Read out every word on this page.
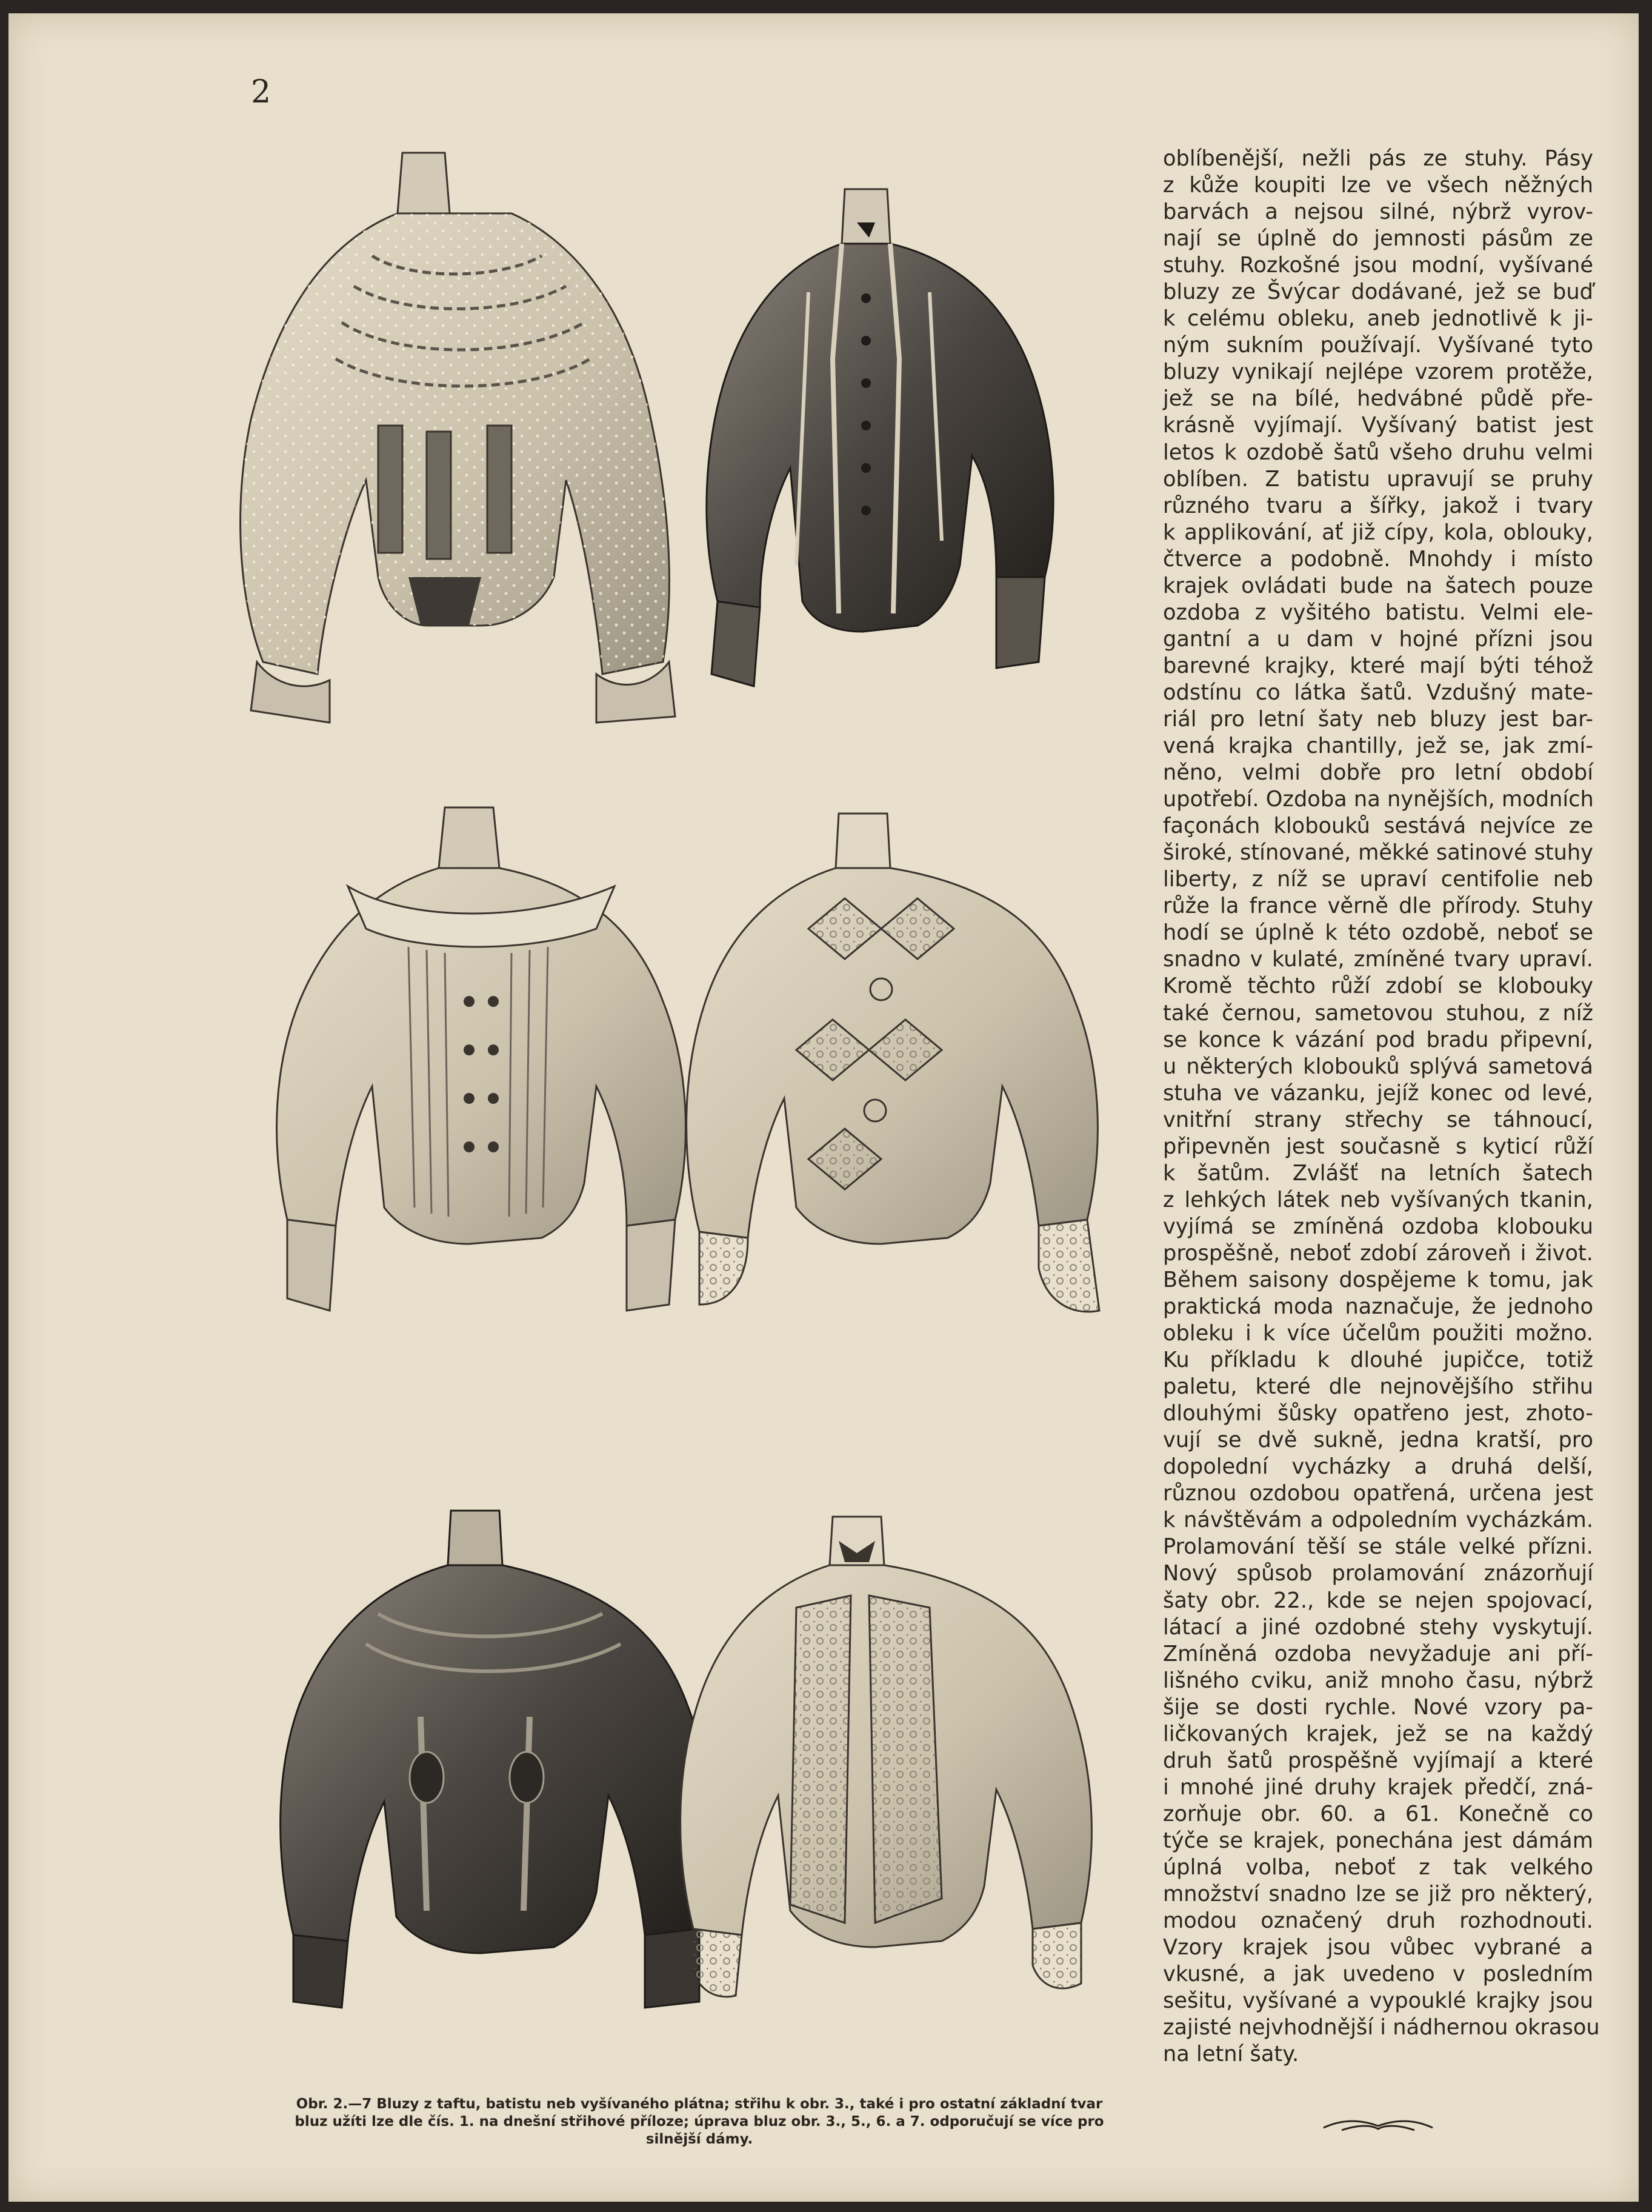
2
Obr. 2.—7 Bluzy z taftu, batistu neb vyšívaného plátna; střihu k obr. 3., také i pro ostatní základní tvar
bluz užíti lze dle čís. 1. na dnešní střihové příloze; úprava bluz obr. 3., 5., 6. a 7. odporučují se více pro
silnější dámy.
oblíbenější, nežli pás ze stuhy. Pásy
z kůže koupiti lze ve všech něžných
barvách a nejsou silné, nýbrž vyrov-
nají se úplně do jemnosti pásům ze
stuhy. Rozkošné jsou modní, vyšívané
bluzy ze Švýcar dodávané, jež se buď
k celému obleku, aneb jednotlivě k ji-
ným sukním používají. Vyšívané tyto
bluzy vynikají nejlépe vzorem protěže,
jež se na bílé, hedvábné půdě pře-
krásně vyjímají. Vyšívaný batist jest
letos k ozdobě šatů všeho druhu velmi
oblíben. Z batistu upravují se pruhy
různého tvaru a šířky, jakož i tvary
k applikování, ať již cípy, kola, oblouky,
čtverce a podobně. Mnohdy i místo
krajek ovládati bude na šatech pouze
ozdoba z vyšitého batistu. Velmi ele-
gantní a u dam v hojné přízni jsou
barevné krajky, které mají býti téhož
odstínu co látka šatů. Vzdušný mate-
riál pro letní šaty neb bluzy jest bar-
vená krajka chantilly, jež se, jak zmí-
něno, velmi dobře pro letní období
upotřebí. Ozdoba na nynějších, modních
façonách klobouků sestává nejvíce ze
široké, stínované, měkké satinové stuhy
liberty, z níž se upraví centifolie neb
růže la france věrně dle přírody. Stuhy
hodí se úplně k této ozdobě, neboť se
snadno v kulaté, zmíněné tvary upraví.
Kromě těchto růží zdobí se klobouky
také černou, sametovou stuhou, z níž
se konce k vázání pod bradu připevní,
u některých klobouků splývá sametová
stuha ve vázanku, jejíž konec od levé,
vnitřní strany střechy se táhnoucí,
připevněn jest současně s kyticí růží
k šatům. Zvlášť na letních šatech
z lehkých látek neb vyšívaných tkanin,
vyjímá se zmíněná ozdoba klobouku
prospěšně, neboť zdobí zároveň i život.
Během saisony dospějeme k tomu, jak
praktická moda naznačuje, že jednoho
obleku i k více účelům použiti možno.
Ku příkladu k dlouhé jupičce, totiž
paletu, které dle nejnovějšího střihu
dlouhými šůsky opatřeno jest, zhoto-
vují se dvě sukně, jedna kratší, pro
dopolední vycházky a druhá delší,
různou ozdobou opatřená, určena jest
k návštěvám a odpoledním vycházkám.
Prolamování těší se stále velké přízni.
Nový spůsob prolamování znázorňují
šaty obr. 22., kde se nejen spojovací,
látací a jiné ozdobné stehy vyskytují.
Zmíněná ozdoba nevyžaduje ani pří-
lišného cviku, aniž mnoho času, nýbrž
šije se dosti rychle. Nové vzory pa-
ličkovaných krajek, jež se na každý
druh šatů prospěšně vyjímají a které
i mnohé jiné druhy krajek předčí, zná-
zorňuje obr. 60. a 61. Konečně co
týče se krajek, ponechána jest dámám
úplná volba, neboť z tak velkého
množství snadno lze se již pro některý,
modou označený druh rozhodnouti.
Vzory krajek jsou vůbec vybrané a
vkusné, a jak uvedeno v posledním
sešitu, vyšívané a vypouklé krajky jsou
zajisté nejvhodnější i nádhernou okrasou
na letní šaty.
